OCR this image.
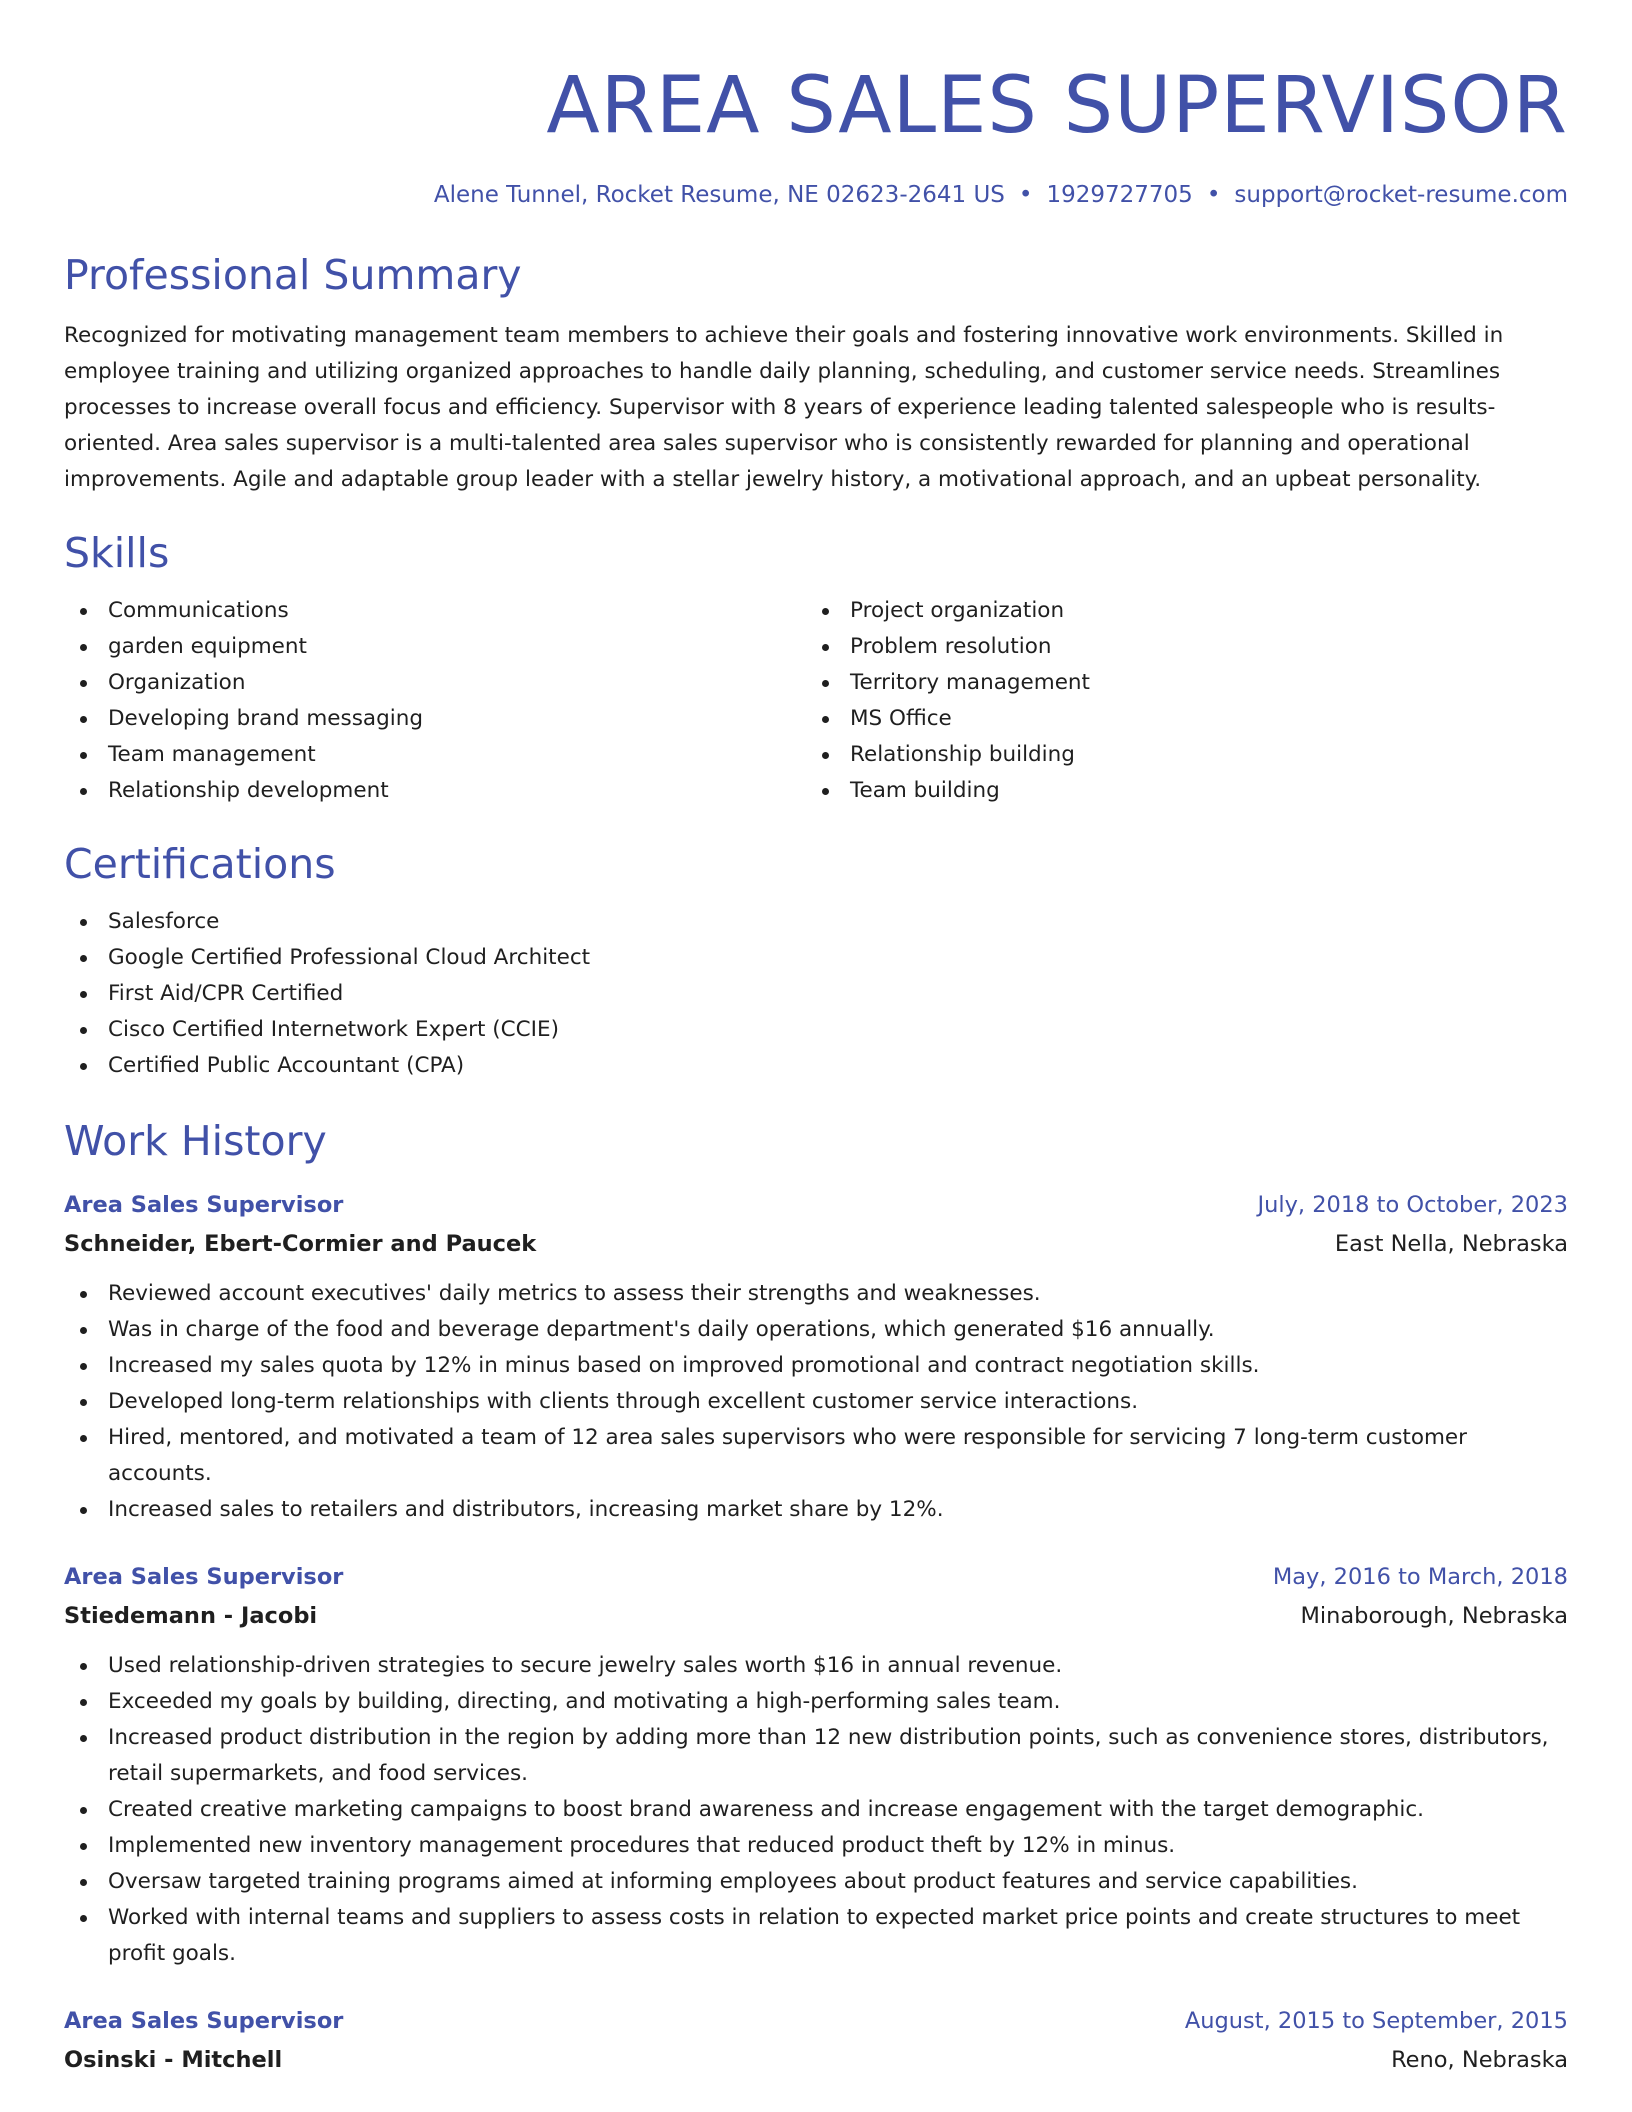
AREA SALES SUPERVISOR
Alene Tunnel, Rocket Resume, NE 02623-2641 US • 1929727705 • support@rocket-resume.com
Professional Summary
Recognized for motivating management team members to achieve their goals and fostering innovative work environments. Skilled in employee training and utilizing organized approaches to handle daily planning, scheduling, and customer service needs. Streamlines processes to increase overall focus and efficiency. Supervisor with 8 years of experience leading talented salespeople who is results-oriented. Area sales supervisor is a multi-talented area sales supervisor who is consistently rewarded for planning and operational improvements. Agile and adaptable group leader with a stellar jewelry history, a motivational approach, and an upbeat personality.
Skills
Communications
garden equipment
Organization
Developing brand messaging
Team management
Relationship development
Project organization
Problem resolution
Territory management
MS Office
Relationship building
Team building
Certifications
Salesforce
Google Certified Professional Cloud Architect
First Aid/CPR Certified
Cisco Certified Internetwork Expert (CCIE)
Certified Public Accountant (CPA)
Work History
Area Sales Supervisor	July, 2018 to October, 2023
Schneider, Ebert-Cormier and Paucek	East Nella, Nebraska
Reviewed account executives' daily metrics to assess their strengths and weaknesses.
Was in charge of the food and beverage department's daily operations, which generated $16 annually.
Increased my sales quota by 12% in minus based on improved promotional and contract negotiation skills.
Developed long-term relationships with clients through excellent customer service interactions.
Hired, mentored, and motivated a team of 12 area sales supervisors who were responsible for servicing 7 long-term customer accounts.
Increased sales to retailers and distributors, increasing market share by 12%.
Area Sales Supervisor	May, 2016 to March, 2018
Stiedemann - Jacobi	Minaborough, Nebraska
Used relationship-driven strategies to secure jewelry sales worth $16 in annual revenue.
Exceeded my goals by building, directing, and motivating a high-performing sales team.
Increased product distribution in the region by adding more than 12 new distribution points, such as convenience stores, distributors, retail supermarkets, and food services.
Created creative marketing campaigns to boost brand awareness and increase engagement with the target demographic.
Implemented new inventory management procedures that reduced product theft by 12% in minus.
Oversaw targeted training programs aimed at informing employees about product features and service capabilities.
Worked with internal teams and suppliers to assess costs in relation to expected market price points and create structures to meet profit goals.
Area Sales Supervisor	August, 2015 to September, 2015
Osinski - Mitchell	Reno, Nebraska
